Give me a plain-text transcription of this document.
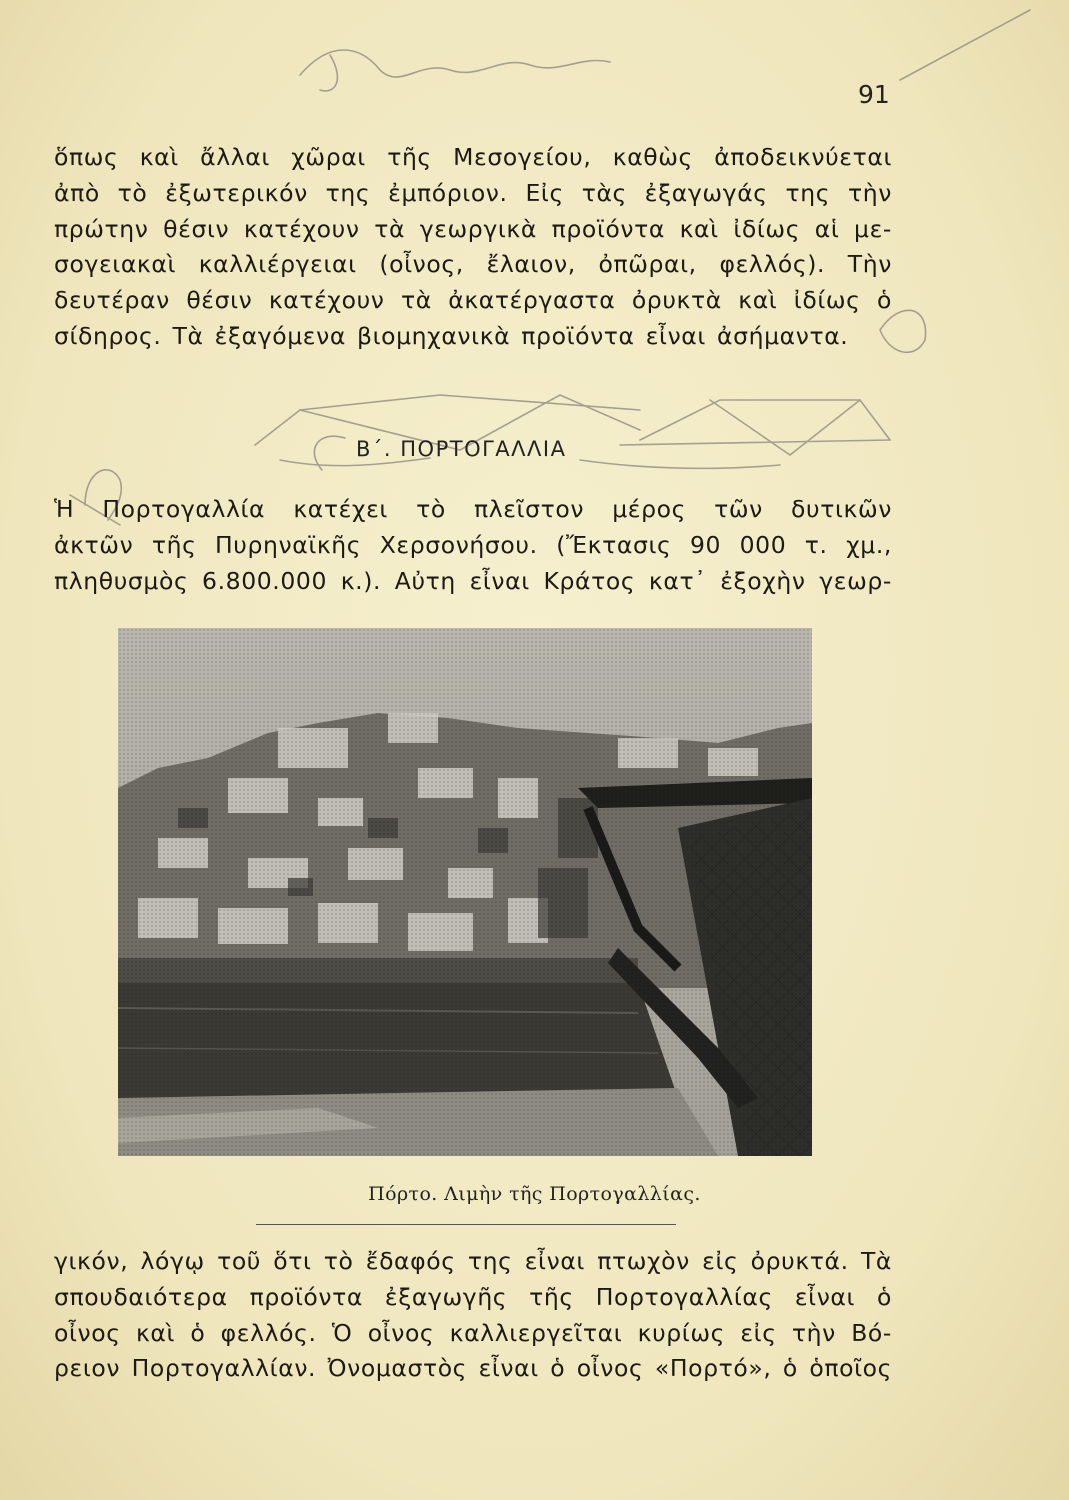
91

ὅπως καὶ ἄλλαι χῶραι τῆς Μεσογείου, καθὼς ἀποδεικνύεται
ἀπὸ τὸ ἐξωτερικόν της ἐμπόριον. Εἰς τὰς ἐξαγωγάς της τὴν
πρώτην θέσιν κατέχουν τὰ γεωργικὰ προϊόντα καὶ ἰδίως αἱ με-
σογειακαὶ καλλιέργειαι (οἶνος, ἔλαιον, ὀπῶραι, φελλός). Τὴν
δευτέραν θέσιν κατέχουν τὰ ἀκατέργαστα ὀρυκτὰ καὶ ἰδίως ὁ
σίδηρος. Τὰ ἐξαγόμενα βιομηχανικὰ προϊόντα εἶναι ἀσήμαντα.

Β΄. ΠΟΡΤΟΓΑΛΛΙΑ

Ἡ Πορτογαλλία κατέχει τὸ πλεῖστον μέρος τῶν δυτικῶν
ἀκτῶν τῆς Πυρηναϊκῆς Χερσονήσου. (Ἔκτασις 90 000 τ. χμ.,
πληθυσμὸς 6.800.000 κ.). Αὐτη εἶναι Κράτος κατ᾿ ἐξοχὴν γεωρ-

Πόρτο. Λιμὴν τῆς Πορτογαλλίας.

γικόν, λόγῳ τοῦ ὅτι τὸ ἔδαφός της εἶναι πτωχὸν εἰς ὀρυκτά. Τὰ
σπουδαιότερα προϊόντα ἐξαγωγῆς τῆς Πορτογαλλίας εἶναι ὁ
οἶνος καὶ ὁ φελλός. Ὁ οἶνος καλλιεργεῖται κυρίως εἰς τὴν Βό-
ρειον Πορτογαλλίαν. Ὀνομαστὸς εἶναι ὁ οἶνος «Πορτό», ὁ ὁποῖος
